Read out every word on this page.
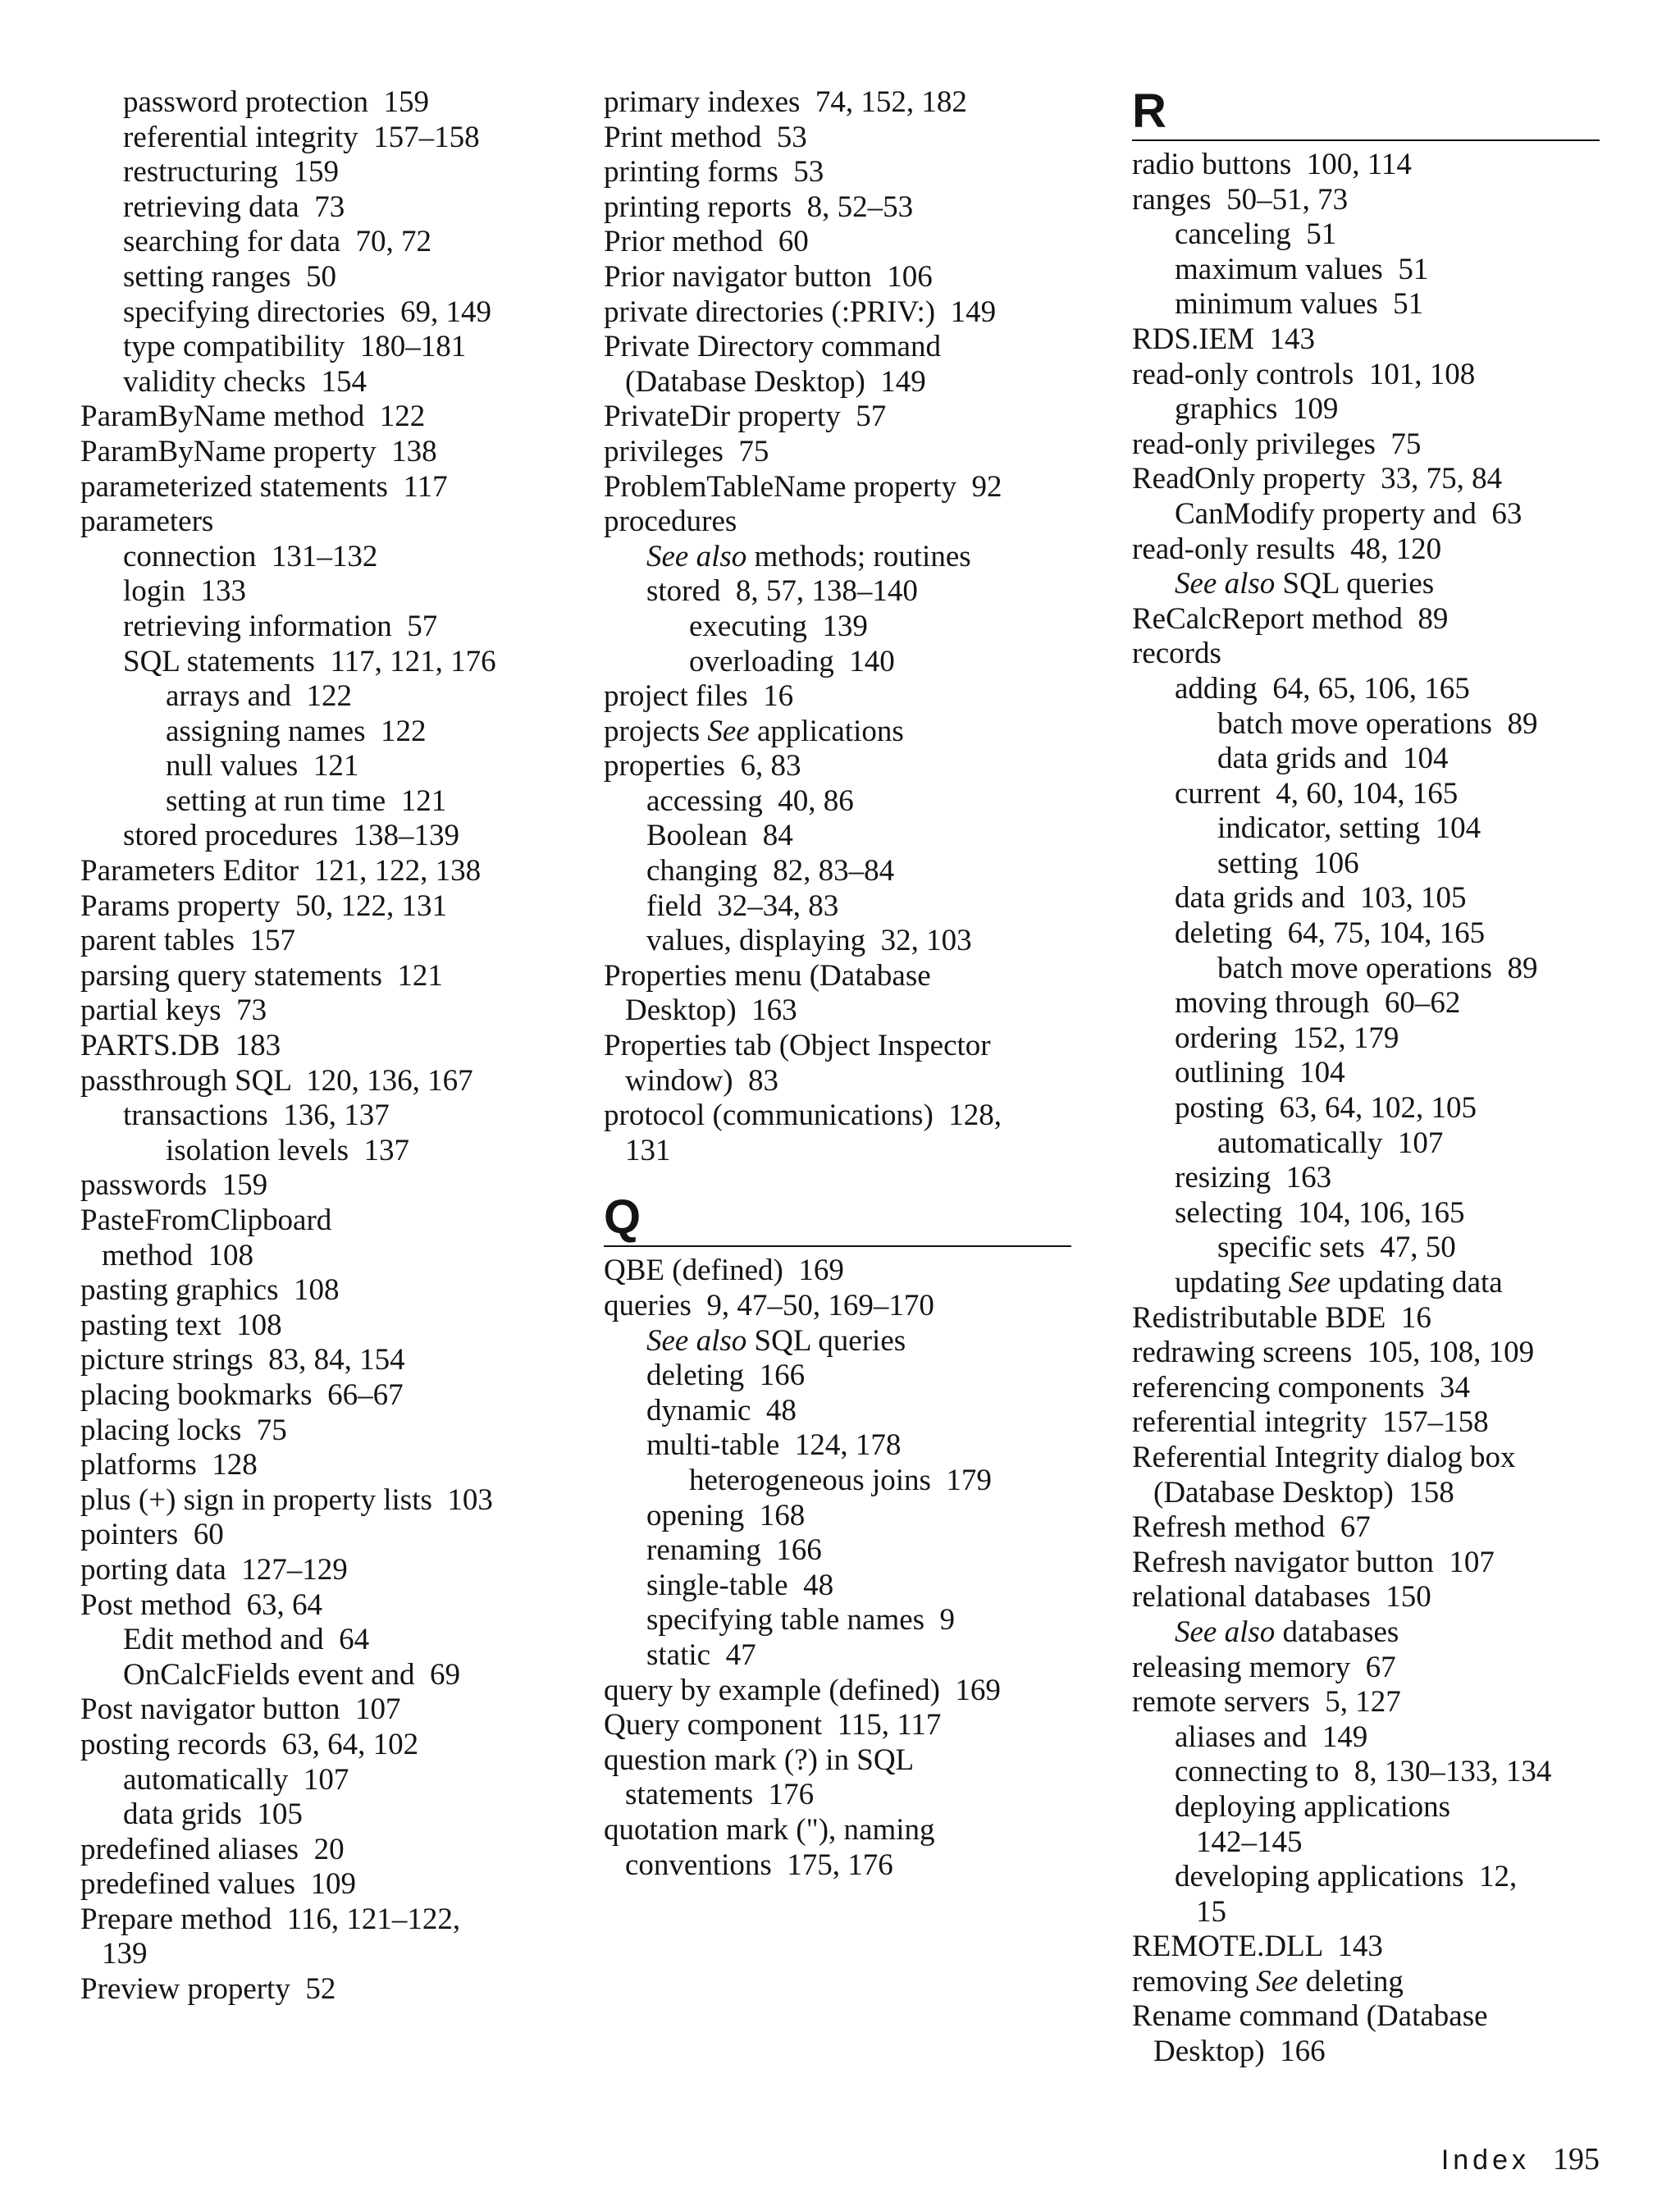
password protection  159
referential integrity  157–158
restructuring  159
retrieving data  73
searching for data  70, 72
setting ranges  50
specifying directories  69, 149
type compatibility  180–181
validity checks  154
ParamByName method  122
ParamByName property  138
parameterized statements  117
parameters
connection  131–132
login  133
retrieving information  57
SQL statements  117, 121, 176
arrays and  122
assigning names  122
null values  121
setting at run time  121
stored procedures  138–139
Parameters Editor  121, 122, 138
Params property  50, 122, 131
parent tables  157
parsing query statements  121
partial keys  73
PARTS.DB  183
passthrough SQL  120, 136, 167
transactions  136, 137
isolation levels  137
passwords  159
PasteFromClipboard
method  108
pasting graphics  108
pasting text  108
picture strings  83, 84, 154
placing bookmarks  66–67
placing locks  75
platforms  128
plus (+) sign in property lists  103
pointers  60
porting data  127–129
Post method  63, 64
Edit method and  64
OnCalcFields event and  69
Post navigator button  107
posting records  63, 64, 102
automatically  107
data grids  105
predefined aliases  20
predefined values  109
Prepare method  116, 121–122,
139
Preview property  52
primary indexes  74, 152, 182
Print method  53
printing forms  53
printing reports  8, 52–53
Prior method  60
Prior navigator button  106
private directories (:PRIV:)  149
Private Directory command
(Database Desktop)  149
PrivateDir property  57
privileges  75
ProblemTableName property  92
procedures
See also methods; routines
stored  8, 57, 138–140
executing  139
overloading  140
project files  16
projects See applications
properties  6, 83
accessing  40, 86
Boolean  84
changing  82, 83–84
field  32–34, 83
values, displaying  32, 103
Properties menu (Database
Desktop)  163
Properties tab (Object Inspector
window)  83
protocol (communications)  128,
131
Q
QBE (defined)  169
queries  9, 47–50, 169–170
See also SQL queries
deleting  166
dynamic  48
multi-table  124, 178
heterogeneous joins  179
opening  168
renaming  166
single-table  48
specifying table names  9
static  47
query by example (defined)  169
Query component  115, 117
question mark (?) in SQL
statements  176
quotation mark ("), naming
conventions  175, 176
R
radio buttons  100, 114
ranges  50–51, 73
canceling  51
maximum values  51
minimum values  51
RDS.IEM  143
read-only controls  101, 108
graphics  109
read-only privileges  75
ReadOnly property  33, 75, 84
CanModify property and  63
read-only results  48, 120
See also SQL queries
ReCalcReport method  89
records
adding  64, 65, 106, 165
batch move operations  89
data grids and  104
current  4, 60, 104, 165
indicator, setting  104
setting  106
data grids and  103, 105
deleting  64, 75, 104, 165
batch move operations  89
moving through  60–62
ordering  152, 179
outlining  104
posting  63, 64, 102, 105
automatically  107
resizing  163
selecting  104, 106, 165
specific sets  47, 50
updating See updating data
Redistributable BDE  16
redrawing screens  105, 108, 109
referencing components  34
referential integrity  157–158
Referential Integrity dialog box
(Database Desktop)  158
Refresh method  67
Refresh navigator button  107
relational databases  150
See also databases
releasing memory  67
remote servers  5, 127
aliases and  149
connecting to  8, 130–133, 134
deploying applications
142–145
developing applications  12,
15
REMOTE.DLL  143
removing See deleting
Rename command (Database
Desktop)  166
Index 195
